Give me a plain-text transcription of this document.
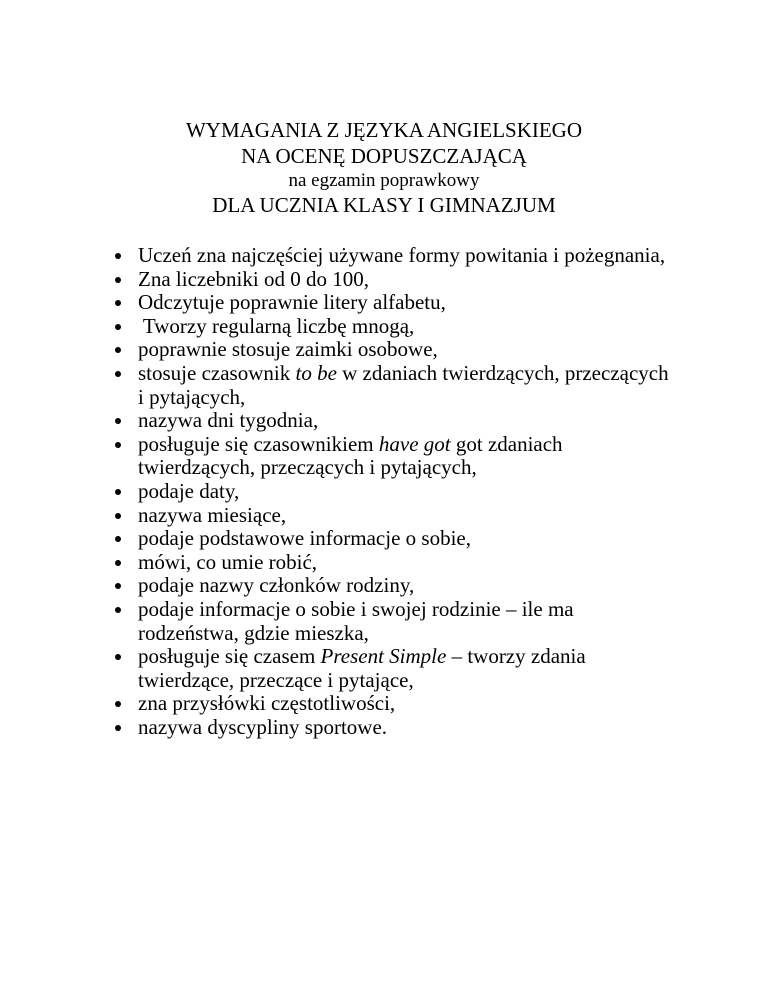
WYMAGANIA Z JĘZYKA ANGIELSKIEGO
NA OCENĘ DOPUSZCZAJĄCĄ
na egzamin poprawkowy
DLA UCZNIA KLASY I GIMNAZJUM
Uczeń zna najczęściej używane formy powitania i pożegnania,
Zna liczebniki od 0 do 100,
Odczytuje poprawnie litery alfabetu,
Tworzy regularną liczbę mnogą,
poprawnie stosuje zaimki osobowe,
stosuje czasownik to be w zdaniach twierdzących, przeczących i pytających,
nazywa dni tygodnia,
posługuje się czasownikiem have got got zdaniach twierdzących, przeczących i pytających,
podaje daty,
nazywa miesiące,
podaje podstawowe informacje o sobie,
mówi, co umie robić,
podaje nazwy członków rodziny,
podaje informacje o sobie i swojej rodzinie – ile ma rodzeństwa, gdzie mieszka,
posługuje się czasem Present Simple – tworzy zdania twierdzące, przeczące i pytające,
zna przysłówki częstotliwości,
nazywa dyscypliny sportowe.
